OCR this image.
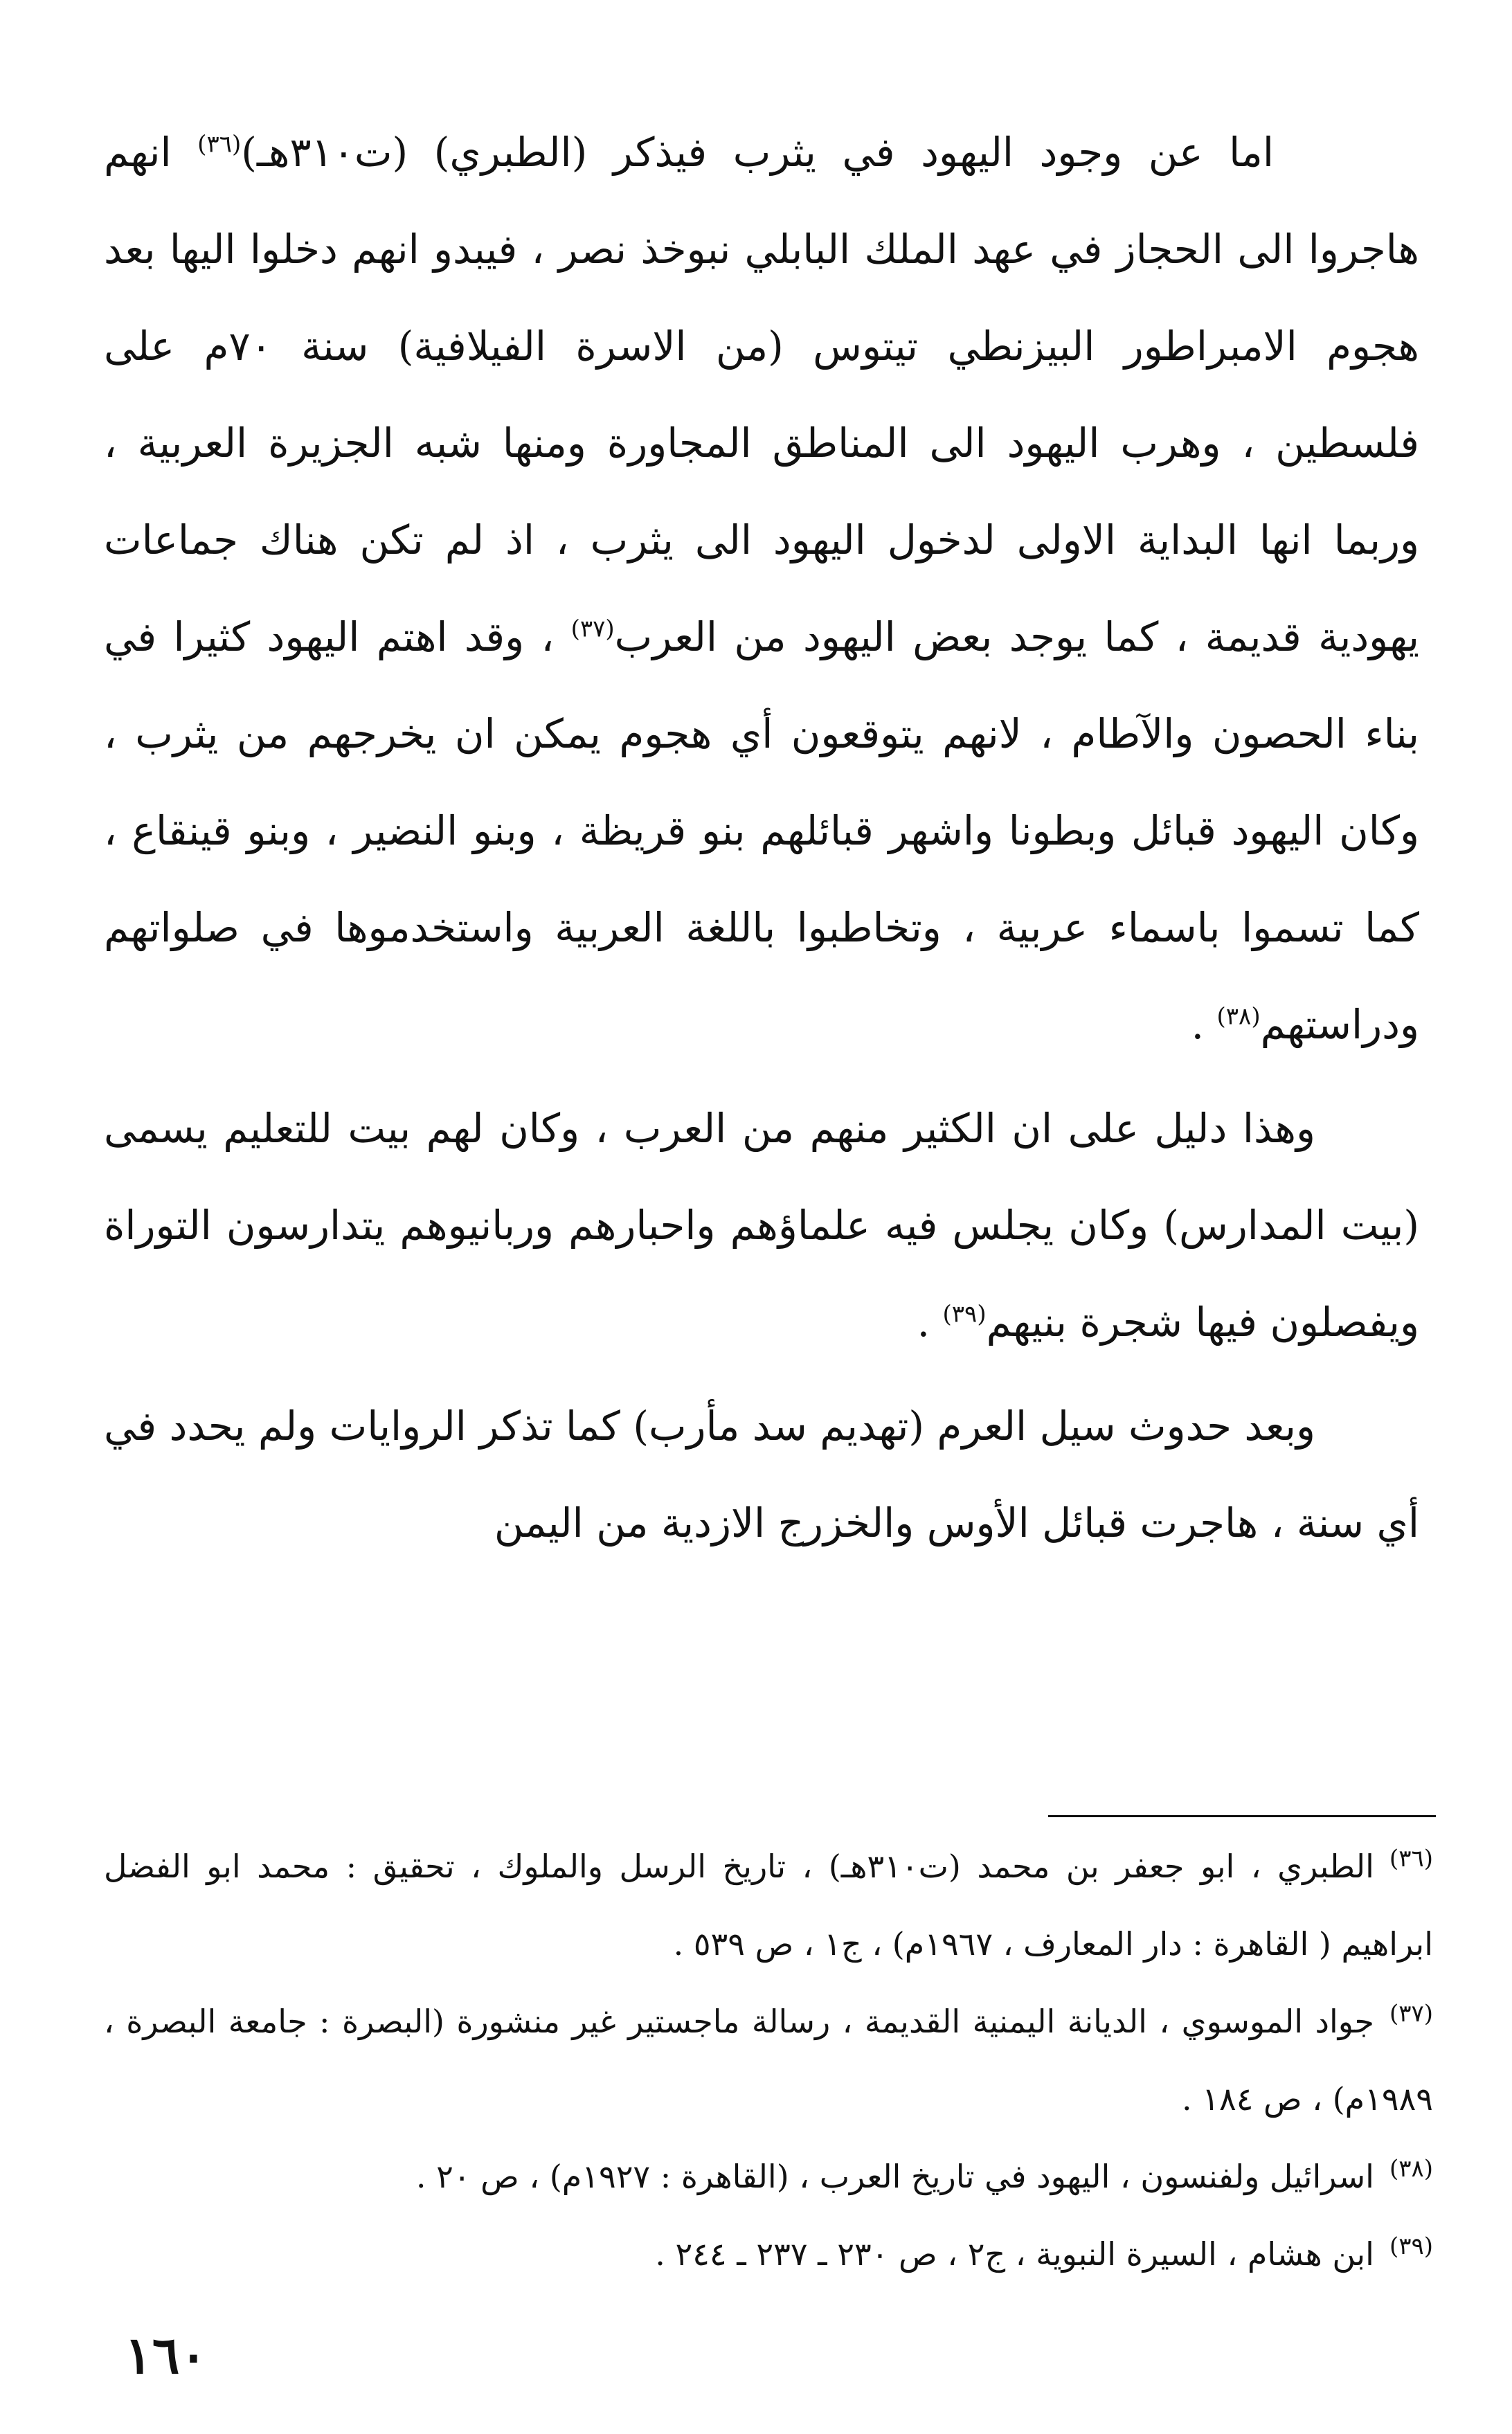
اما عن وجود اليهود في يثرب فيذكر (الطبري) (ت٣١٠هـ)$^{(٣٦)}$ انهم هاجروا الى الحجاز في عهد الملك البابلي نبوخذ نصر ، فيبدو انهم دخلوا اليها بعد هجوم الامبراطور البيزنطي تيتوس (من الاسرة الفيلافية) سنة ٧٠م على فلسطين ، وهرب اليهود الى المناطق المجاورة ومنها شبه الجزيرة العربية ، وربما انها البداية الاولى لدخول اليهود الى يثرب ، اذ لم تكن هناك جماعات يهودية قديمة ، كما يوجد بعض اليهود من العرب$^{(٣٧)}$ ، وقد اهتم اليهود كثيرا في بناء الحصون والآطام ، لانهم يتوقعون أي هجوم يمكن ان يخرجهم من يثرب ، وكان اليهود قبائل وبطونا واشهر قبائلهم بنو قريظة ، وبنو النضير ، وبنو قينقاع ، كما تسموا باسماء عربية ، وتخاطبوا باللغة العربية واستخدموها في صلواتهم ودراستهم$^{(٣٨)}$ .

وهذا دليل على ان الكثير منهم من العرب ، وكان لهم بيت للتعليم يسمى (بيت المدارس) وكان يجلس فيه علماؤهم واحبارهم وربانيوهم يتدارسون التوراة ويفصلون فيها شجرة بنيهم$^{(٣٩)}$ .

وبعد حدوث سيل العرم (تهديم سد مأرب) كما تذكر الروايات ولم يحدد في أي سنة ، هاجرت قبائل الأوس والخزرج الازدية من اليمن

$^{(٣٦)}$الطبري ، ابو جعفر بن محمد (ت٣١٠هـ) ، تاريخ الرسل والملوك ، تحقيق : محمد ابو الفضل ابراهيم ( القاهرة : دار المعارف ، ١٩٦٧م) ، ج١ ، ص ٥٣٩ .

$^{(٣٧)}$جواد الموسوي ، الديانة اليمنية القديمة ، رسالة ماجستير غير منشورة (البصرة : جامعة البصرة ، ١٩٨٩م) ، ص ١٨٤ .

$^{(٣٨)}$اسرائيل ولفنسون ، اليهود في تاريخ العرب ، (القاهرة : ١٩٢٧م) ، ص ٢٠ .

$^{(٣٩)}$ابن هشام ، السيرة النبوية ، ج٢ ، ص ٢٣٠ ـ ٢٣٧ ـ ٢٤٤ .

١٦٠
